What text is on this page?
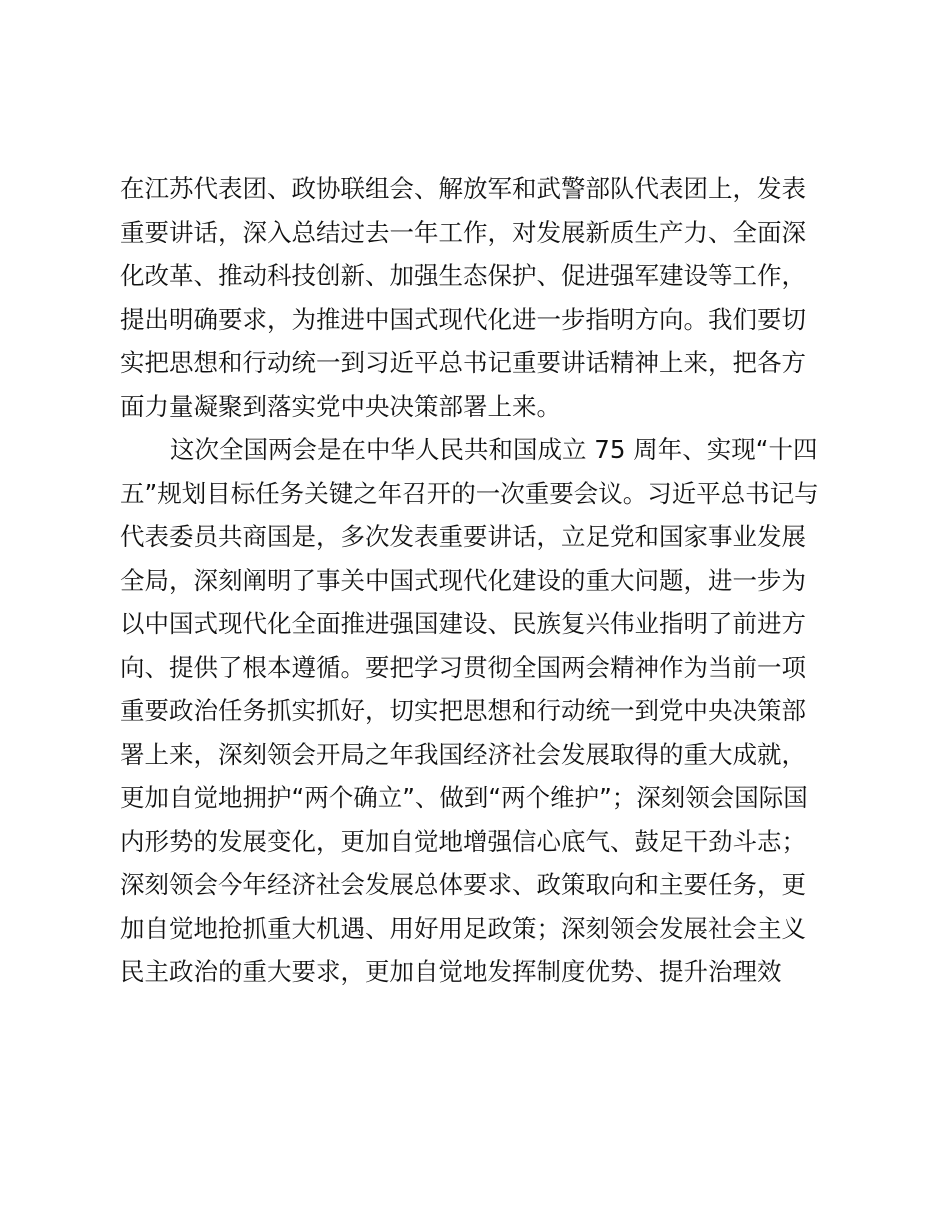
在江苏代表团、政协联组会、解放军和武警部队代表团上，发表
重要讲话，深入总结过去一年工作，对发展新质生产力、全面深
化改革、推动科技创新、加强生态保护、促进强军建设等工作，
提出明确要求，为推进中国式现代化进一步指明方向。我们要切
实把思想和行动统一到习近平总书记重要讲话精神上来，把各方
面力量凝聚到落实党中央决策部署上来。
这次全国两会是在中华人民共和国成立 75 周年、实现“十四
五”规划目标任务关键之年召开的一次重要会议。习近平总书记与
代表委员共商国是，多次发表重要讲话，立足党和国家事业发展
全局，深刻阐明了事关中国式现代化建设的重大问题，进一步为
以中国式现代化全面推进强国建设、民族复兴伟业指明了前进方
向、提供了根本遵循。要把学习贯彻全国两会精神作为当前一项
重要政治任务抓实抓好，切实把思想和行动统一到党中央决策部
署上来，深刻领会开局之年我国经济社会发展取得的重大成就，
更加自觉地拥护“两个确立”、做到“两个维护”；深刻领会国际国
内形势的发展变化，更加自觉地增强信心底气、鼓足干劲斗志；
深刻领会今年经济社会发展总体要求、政策取向和主要任务，更
加自觉地抢抓重大机遇、用好用足政策；深刻领会发展社会主义
民主政治的重大要求，更加自觉地发挥制度优势、提升治理效
